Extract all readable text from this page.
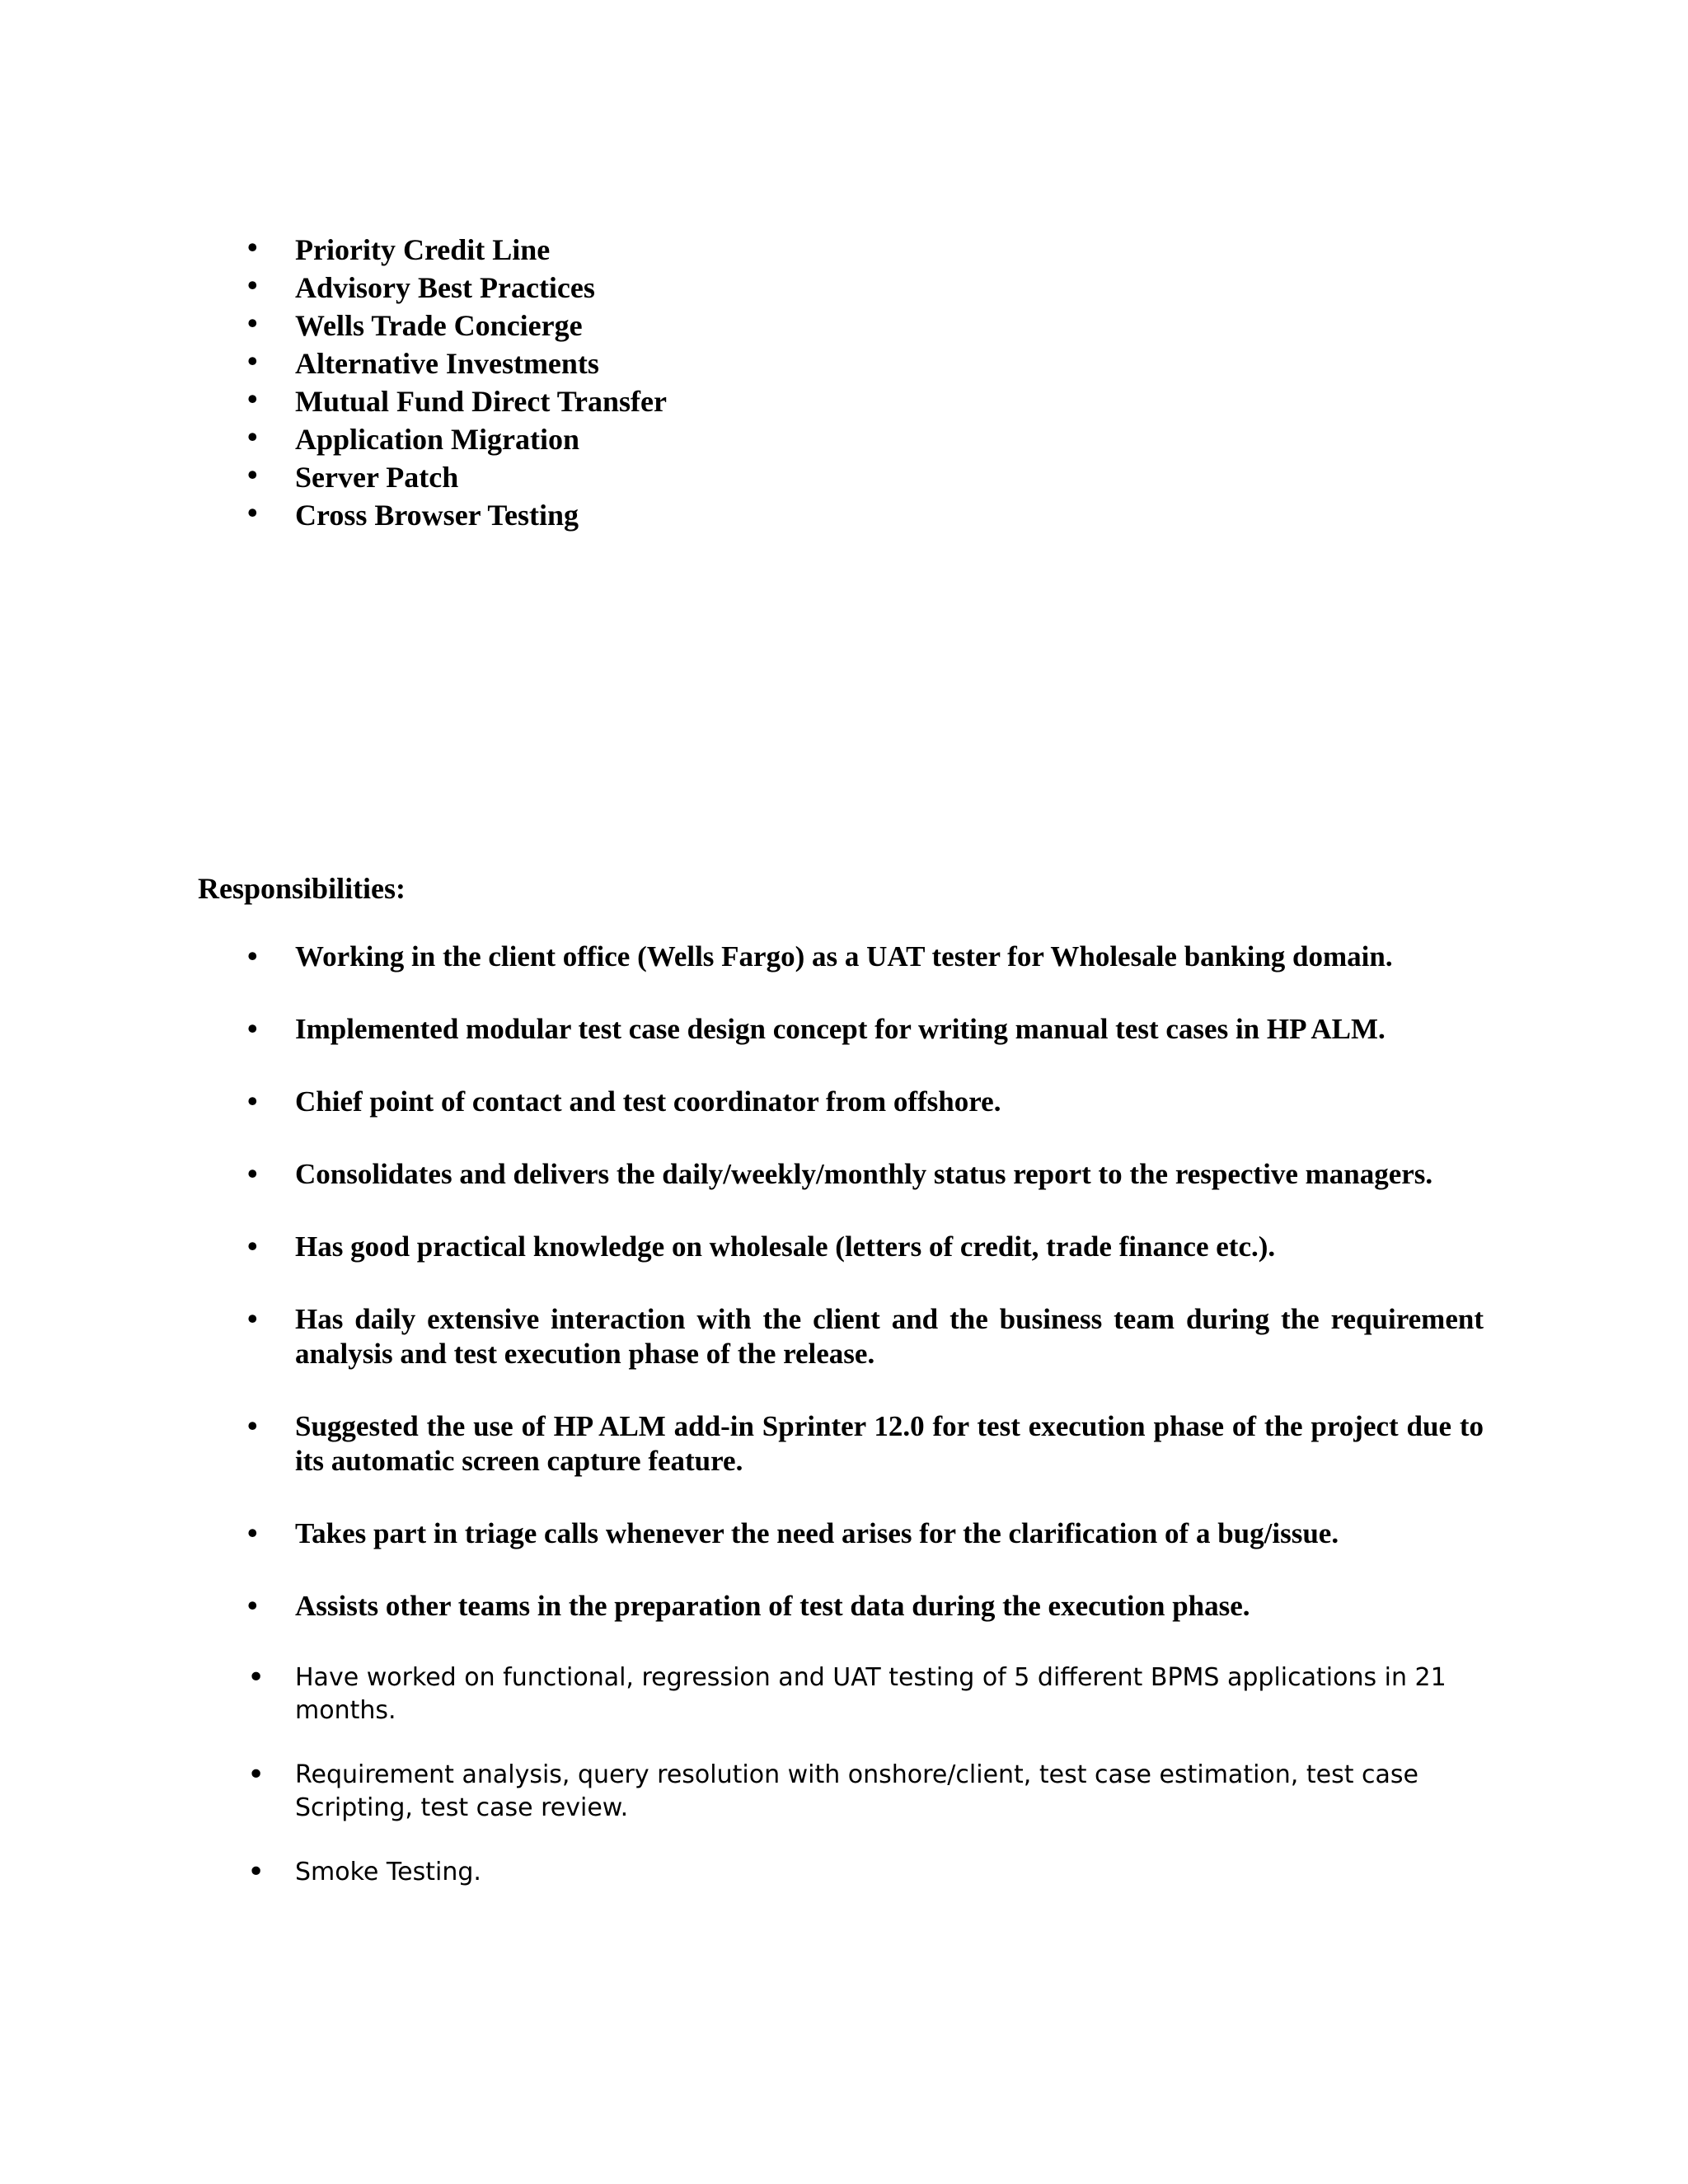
• Priority Credit Line
• Advisory Best Practices
• Wells Trade Concierge
• Alternative Investments
• Mutual Fund Direct Transfer
• Application Migration
• Server Patch
• Cross Browser Testing
Responsibilities:
• Working in the client office (Wells Fargo) as a UAT tester for Wholesale banking domain.
• Implemented modular test case design concept for writing manual test cases in HP ALM.
• Chief point of contact and test coordinator from offshore.
• Consolidates and delivers the daily/weekly/monthly status report to the respective managers.
• Has good practical knowledge on wholesale (letters of credit, trade finance etc.).
• Has daily extensive interaction with the client and the business team during the requirement analysis and test execution phase of the release.
• Suggested the use of HP ALM add-in Sprinter 12.0 for test execution phase of the project due to its automatic screen capture feature.
• Takes part in triage calls whenever the need arises for the clarification of a bug/issue.
• Assists other teams in the preparation of test data during the execution phase.
• Have worked on functional, regression and UAT testing of 5 different BPMS applications in 21 months.
• Requirement analysis, query resolution with onshore/client, test case estimation, test case Scripting, test case review.
• Smoke Testing.
